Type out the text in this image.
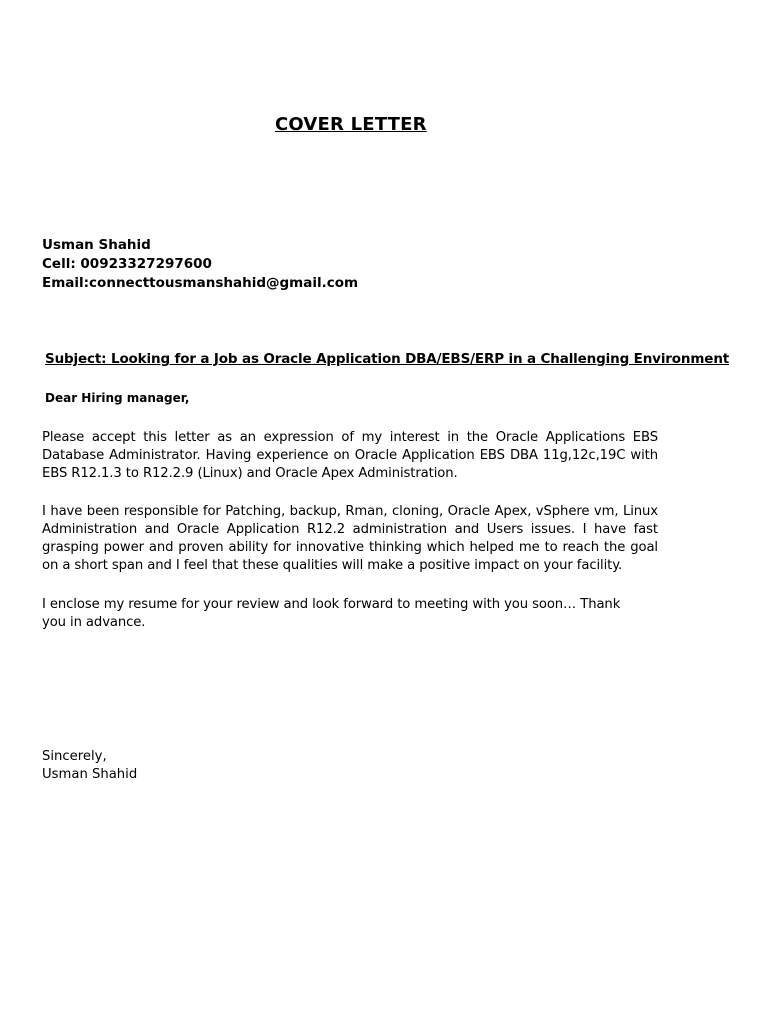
COVER LETTER
Usman Shahid
Cell: 00923327297600
Email:connecttousmanshahid@gmail.com
Subject: Looking for a Job as Oracle Application DBA/EBS/ERP in a Challenging Environment
Dear Hiring manager,
Please accept this letter as an expression of my interest in the Oracle Applications EBS Database Administrator. Having experience on Oracle Application EBS DBA 11g,12c,19C with EBS R12.1.3 to R12.2.9 (Linux) and Oracle Apex Administration.
I have been responsible for Patching, backup, Rman, cloning, Oracle Apex, vSphere vm, Linux Administration and Oracle Application R12.2 administration and Users issues. I have fast grasping power and proven ability for innovative thinking which helped me to reach the goal on a short span and I feel that these qualities will make a positive impact on your facility.
I enclose my resume for your review and look forward to meeting with you soon… Thank you in advance.
Sincerely,
Usman Shahid
